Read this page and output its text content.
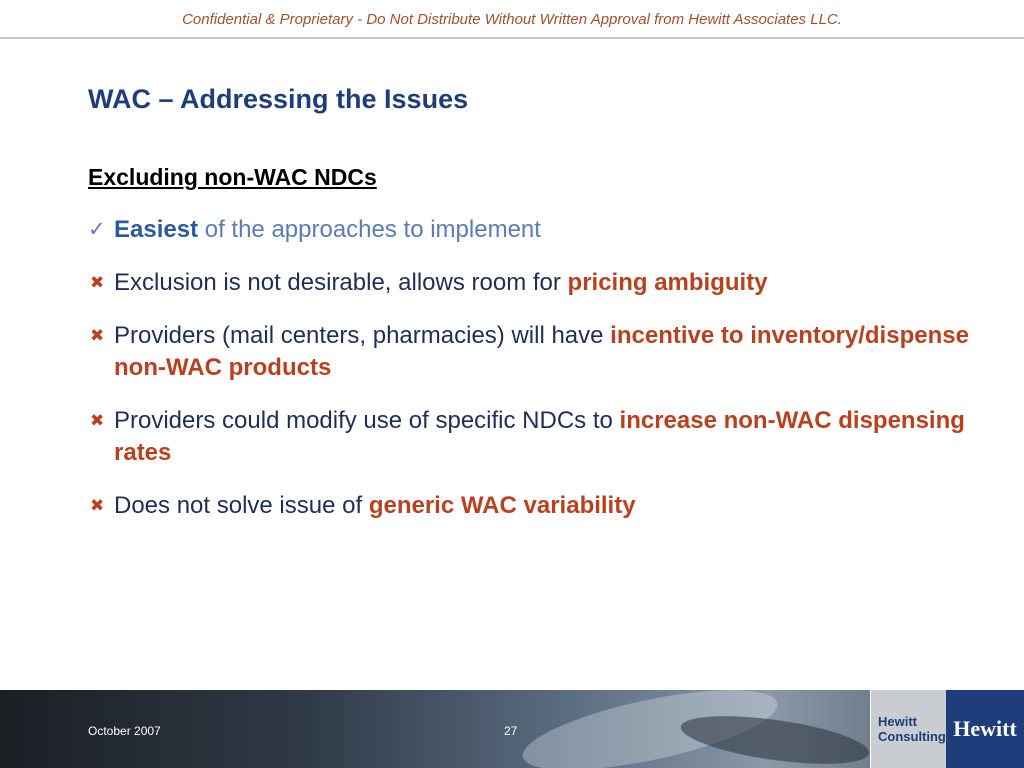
Confidential & Proprietary - Do Not Distribute Without Written Approval from Hewitt Associates LLC.
WAC – Addressing the Issues
Excluding non-WAC NDCs
✓ Easiest of the approaches to implement
✖ Exclusion is not desirable, allows room for pricing ambiguity
✖ Providers (mail centers, pharmacies) will have incentive to inventory/dispense non-WAC products
✖ Providers could modify use of specific NDCs to increase non-WAC dispensing rates
✖ Does not solve issue of generic WAC variability
October 2007	27
Hewitt
Consulting Hewitt
